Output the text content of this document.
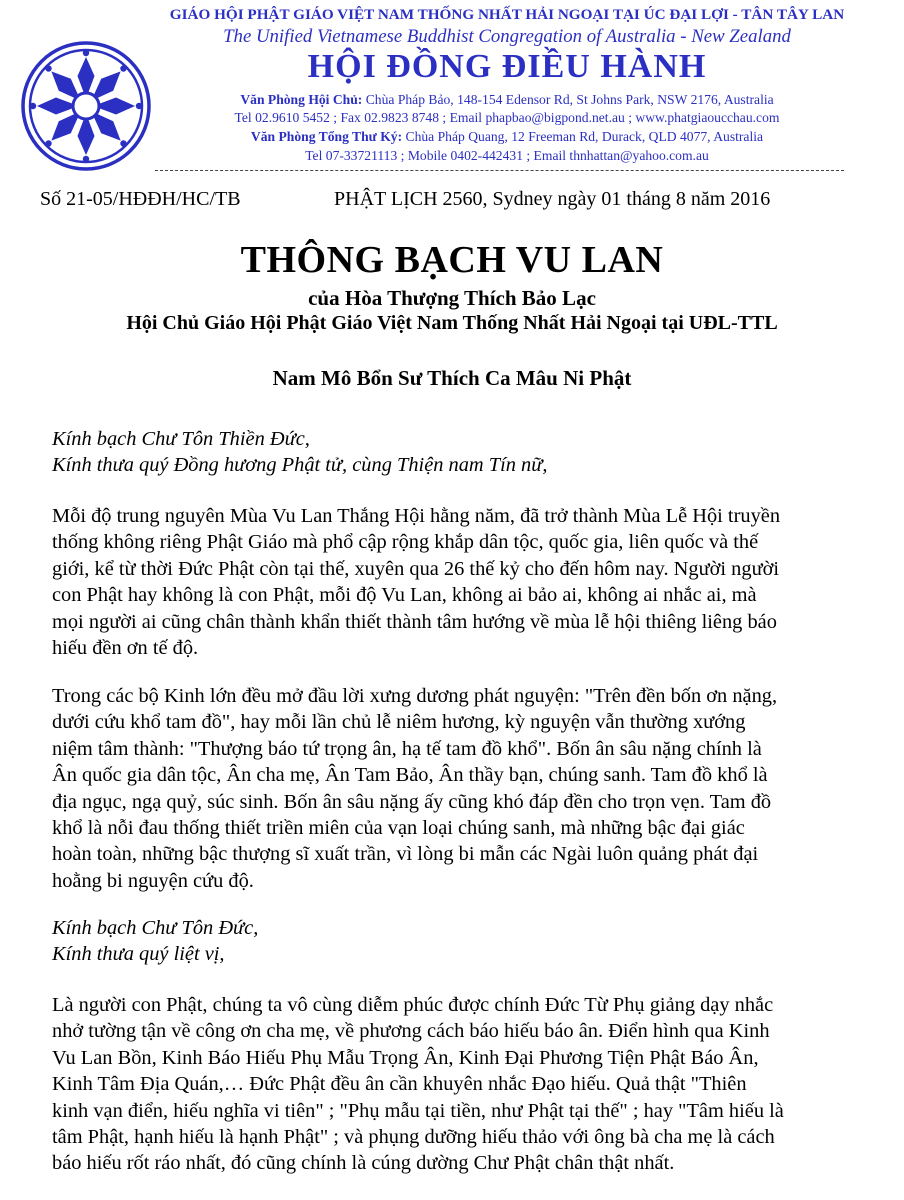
GIÁO HỘI PHẬT GIÁO VIỆT NAM THỐNG NHẤT HẢI NGOẠI TẠI ÚC ĐẠI LỢI - TÂN TÂY LAN
The Unified Vietnamese Buddhist Congregation of Australia - New Zealand
HỘI ĐỒNG ĐIỀU HÀNH
Văn Phòng Hội Chủ: Chùa Pháp Bảo, 148-154 Edensor Rd, St Johns Park, NSW 2176, Australia
Tel 02.9610 5452 ; Fax 02.9823 8748 ; Email phapbao@bigpond.net.au ; www.phatgiaoucchau.com
Văn Phòng Tổng Thư Ký: Chùa Pháp Quang, 12 Freeman Rd, Durack, QLD 4077, Australia
Tel 07-33721113 ; Mobile 0402-442431 ; Email thnhattan@yahoo.com.au
Số 21-05/HĐĐH/HC/TB	PHẬT LỊCH 2560, Sydney ngày 01 tháng 8 năm 2016
THÔNG BẠCH VU LAN
của Hòa Thượng Thích Bảo Lạc
Hội Chủ Giáo Hội Phật Giáo Việt Nam Thống Nhất Hải Ngoại tại UĐL-TTL
Nam Mô Bổn Sư Thích Ca Mâu Ni Phật
Kính bạch Chư Tôn Thiền Đức,
Kính thưa quý Đồng hương Phật tử, cùng Thiện nam Tín nữ,
Mỗi độ trung nguyên Mùa Vu Lan Thắng Hội hằng năm, đã trở thành Mùa Lễ Hội truyền
thống không riêng Phật Giáo mà phổ cập rộng khắp dân tộc, quốc gia, liên quốc và thế
giới, kể từ thời Đức Phật còn tại thế, xuyên qua 26 thế kỷ cho đến hôm nay. Người người
con Phật hay không là con Phật, mỗi độ Vu Lan, không ai bảo ai, không ai nhắc ai, mà
mọi người ai cũng chân thành khẩn thiết thành tâm hướng về mùa lễ hội thiêng liêng báo
hiếu đền ơn tế độ.
Trong các bộ Kinh lớn đều mở đầu lời xưng dương phát nguyện: "Trên đền bốn ơn nặng,
dưới cứu khổ tam đồ", hay mỗi lần chủ lễ niêm hương, kỳ nguyện vẫn thường xướng
niệm tâm thành: "Thượng báo tứ trọng ân, hạ tế tam đồ khổ". Bốn ân sâu nặng chính là
Ân quốc gia dân tộc, Ân cha mẹ, Ân Tam Bảo, Ân thầy bạn, chúng sanh. Tam đồ khổ là
địa ngục, ngạ quỷ, súc sinh. Bốn ân sâu nặng ấy cũng khó đáp đền cho trọn vẹn. Tam đồ
khổ là nỗi đau thống thiết triền miên của vạn loại chúng sanh, mà những bậc đại giác
hoàn toàn, những bậc thượng sĩ xuất trần, vì lòng bi mẫn các Ngài luôn quảng phát đại
hoằng bi nguyện cứu độ.
Kính bạch Chư Tôn Đức,
Kính thưa quý liệt vị,
Là người con Phật, chúng ta vô cùng diễm phúc được chính Đức Từ Phụ giảng dạy nhắc
nhở tường tận về công ơn cha mẹ, về phương cách báo hiếu báo ân. Điển hình qua Kinh
Vu Lan Bồn, Kinh Báo Hiếu Phụ Mẫu Trọng Ân, Kinh Đại Phương Tiện Phật Báo Ân,
Kinh Tâm Địa Quán,… Đức Phật đều ân cần khuyên nhắc Đạo hiếu. Quả thật "Thiên
kinh vạn điển, hiếu nghĩa vi tiên" ; "Phụ mẫu tại tiền, như Phật tại thế" ; hay "Tâm hiếu là
tâm Phật, hạnh hiếu là hạnh Phật" ; và phụng dưỡng hiếu thảo với ông bà cha mẹ là cách
báo hiếu rốt ráo nhất, đó cũng chính là cúng dường Chư Phật chân thật nhất.
